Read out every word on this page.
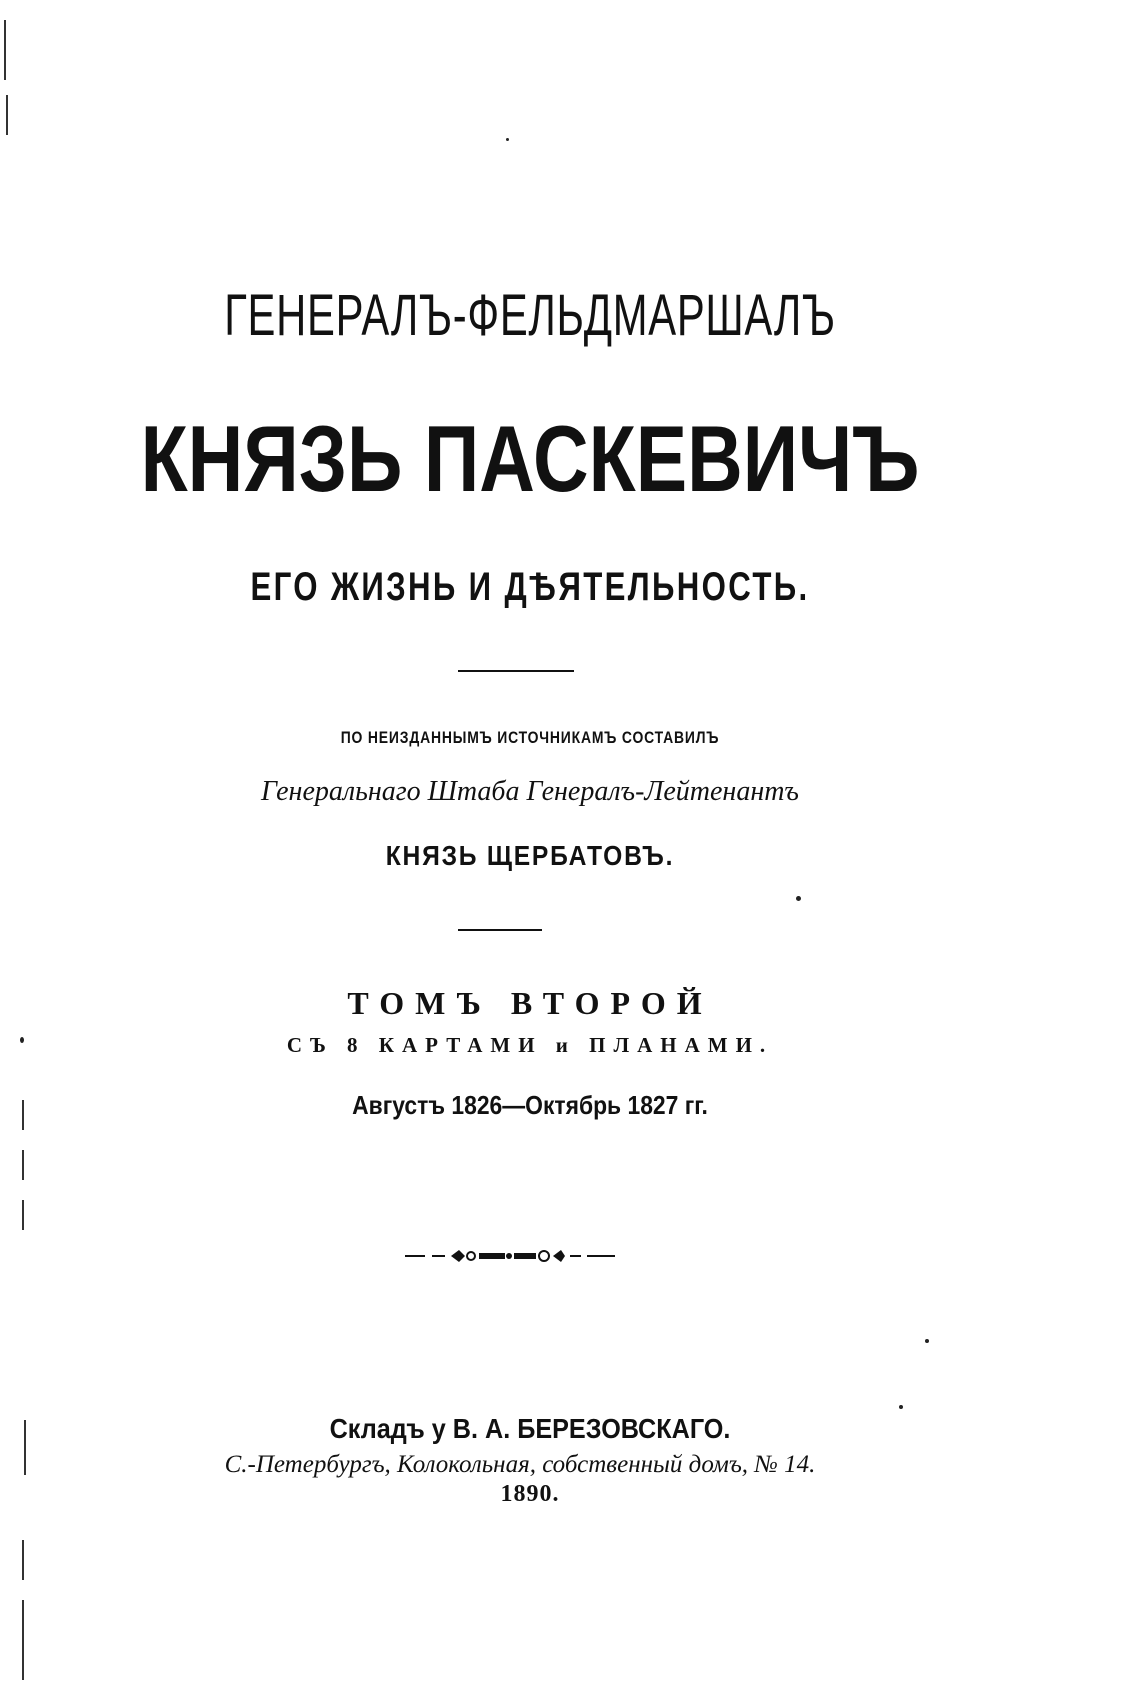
ГЕНЕРАЛЪ-ФЕЛЬДМАРШАЛЪ
КНЯЗЬ ПАСКЕВИЧЪ
ЕГО ЖИЗНЬ И ДѢЯТЕЛЬНОСТЬ.
ПО НЕИЗДАННЫМЪ ИСТОЧНИКАМЪ СОСТАВИЛЪ
Генеральнаго Штаба Генералъ-Лейтенантъ
КНЯЗЬ ЩЕРБАТОВЪ.
ТОМЪ ВТОРОЙ
СЪ 8 КАРТАМИ и ПЛАНАМИ.
Августъ 1826—Октябрь 1827 гг.
Складъ у В. А. БЕРЕЗОВСКАГО.
С.-Петербургъ, Колокольная, собственный домъ, № 14.
1890.
